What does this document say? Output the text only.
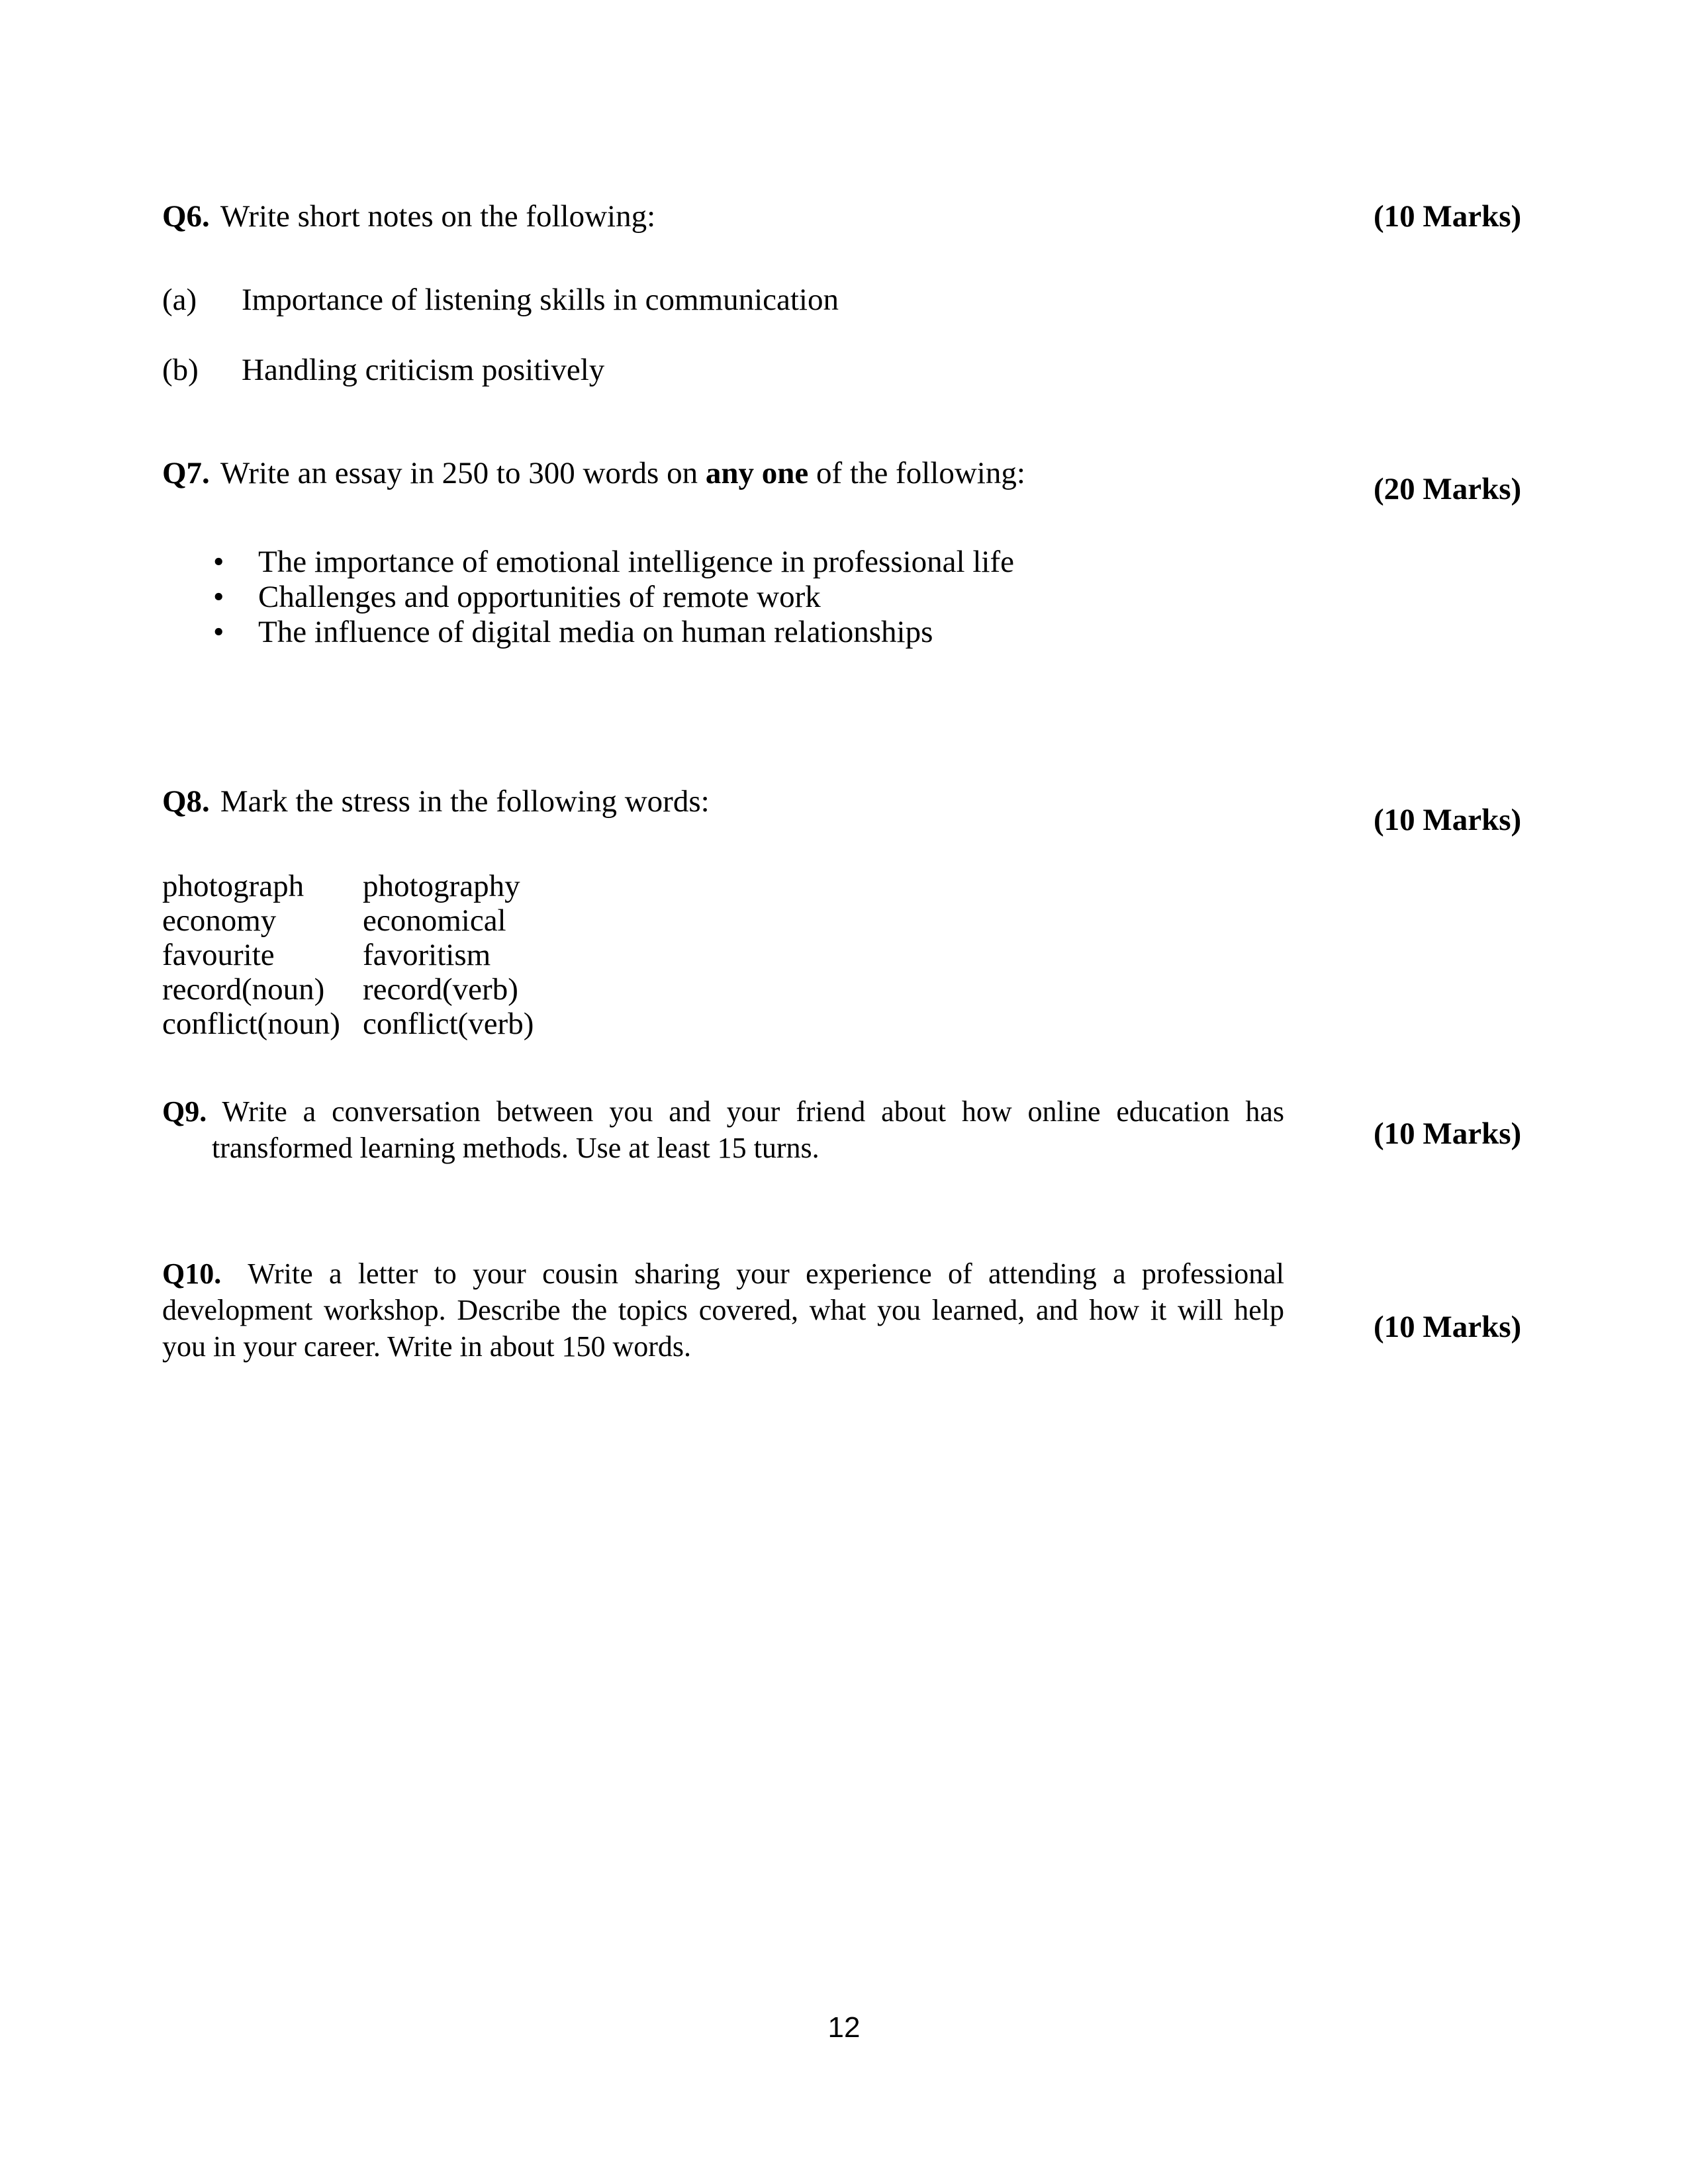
(10 Marks)
(20 Marks)
(10 Marks)
(10 Marks)
(10 Marks)
Q6. Write short notes on the following:
(a) Importance of listening skills in communication
(b) Handling criticism positively
Q7. Write an essay in 250 to 300 words on any one of the following:
• The importance of emotional intelligence in professional life
• Challenges and opportunities of remote work
• The influence of digital media on human relationships
Q8. Mark the stress in the following words:
photograph photography
economy	economical
favourite	favoritism
record(noun) record(verb)
conflict(noun) conflict(verb)
Q9. Write a conversation between you and your friend about how online education has
transformed learning methods. Use at least 15 turns.
Q10. Write a letter to your cousin sharing your experience of attending a professional
development workshop. Describe the topics covered, what you learned, and how it will help
you in your career. Write in about 150 words.
12
